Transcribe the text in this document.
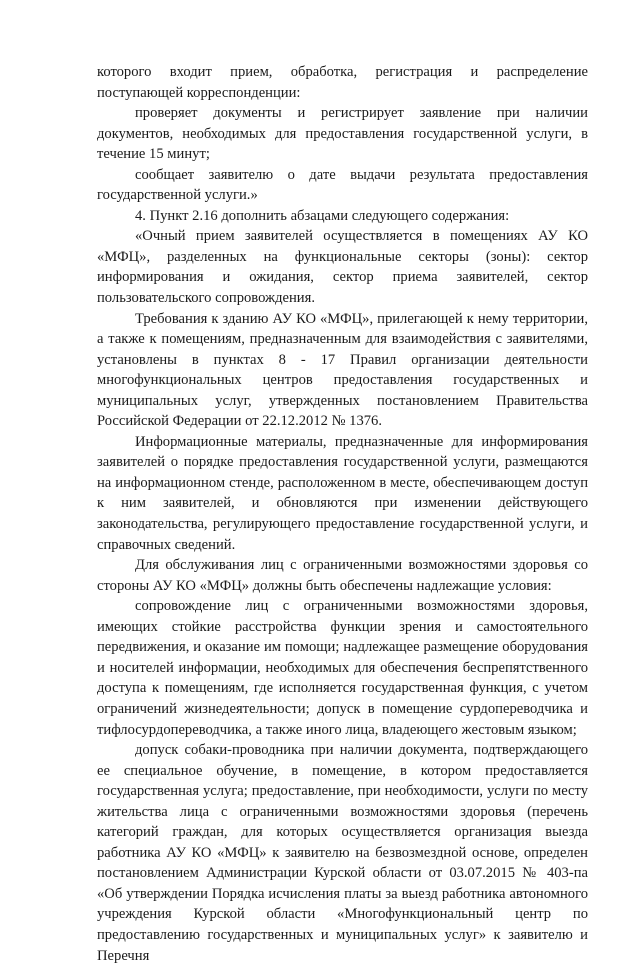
которого входит прием, обработка, регистрация и распределение поступающей корреспонденции:

проверяет документы и регистрирует заявление при наличии документов, необходимых для предоставления государственной услуги, в течение 15 минут;

сообщает заявителю о дате выдачи результата предоставления государственной услуги.»

4. Пункт 2.16 дополнить абзацами следующего содержания:

«Очный прием заявителей осуществляется в помещениях АУ КО «МФЦ», разделенных на функциональные секторы (зоны): сектор информирования и ожидания, сектор приема заявителей, сектор пользовательского сопровождения.

Требования к зданию АУ КО «МФЦ», прилегающей к нему территории, а также к помещениям, предназначенным для взаимодействия с заявителями, установлены в пунктах 8 - 17 Правил организации деятельности многофункциональных центров предоставления государственных и муниципальных услуг, утвержденных постановлением Правительства Российской Федерации от 22.12.2012 № 1376.

Информационные материалы, предназначенные для информирования заявителей о порядке предоставления государственной услуги, размещаются на информационном стенде, расположенном в месте, обеспечивающем доступ к ним заявителей, и обновляются при изменении действующего законодательства, регулирующего предоставление государственной услуги, и справочных сведений.

Для обслуживания лиц с ограниченными возможностями здоровья со стороны АУ КО «МФЦ» должны быть обеспечены надлежащие условия:

сопровождение лиц с ограниченными возможностями здоровья, имеющих стойкие расстройства функции зрения и самостоятельного передвижения, и оказание им помощи; надлежащее размещение оборудования и носителей информации, необходимых для обеспечения беспрепятственного доступа к помещениям, где исполняется государственная функция, с учетом ограничений жизнедеятельности; допуск в помещение сурдопереводчика и тифлосурдопереводчика, а также иного лица, владеющего жестовым языком;

допуск собаки-проводника при наличии документа, подтверждающего ее специальное обучение, в помещение, в котором предоставляется государственная услуга; предоставление, при необходимости, услуги по месту жительства лица с ограниченными возможностями здоровья (перечень категорий граждан, для которых осуществляется организация выезда работника АУ КО «МФЦ» к заявителю на безвозмездной основе, определен постановлением Администрации Курской области от 03.07.2015 № 403-па «Об утверждении Порядка исчисления платы за выезд работника автономного учреждения Курской области «Многофункциональный центр по предоставлению государственных и муниципальных услуг» к заявителю и Перечня
